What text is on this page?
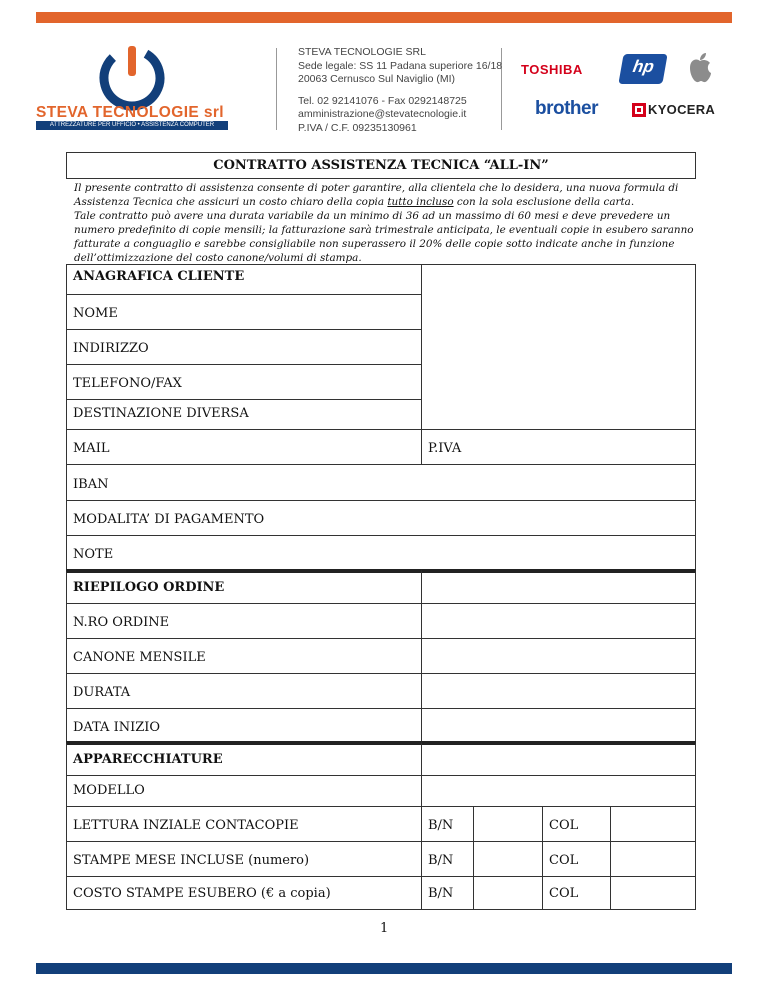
STEVA TECNOLOGIE srl
ATTREZZATURE PER UFFICIO • ASSISTENZA COMPUTER
STEVA TECNOLOGIE SRL
Sede legale: SS 11 Padana superiore 16/18
20063 Cernusco Sul Naviglio (MI)
Tel. 02 92141076 - Fax 0292148725
amministrazione@stevatecnologie.it
P.IVA / C.F. 09235130961
TOSHIBA	hp
brother	KYOCERA
CONTRATTO ASSISTENZA TECNICA “ALL-IN”

Il presente contratto di assistenza consente di poter garantire, alla clientela che lo desidera, una nuova formula di Assistenza Tecnica che assicuri un costo chiaro della copia tutto incluso con la sola esclusione della carta.

Tale contratto può avere una durata variabile da un minimo di 36 ad un massimo di 60 mesi e deve prevedere un numero predefinito di copie mensili; la fatturazione sarà trimestrale anticipata, le eventuali copie in esubero saranno fatturate a conguaglio e sarebbe consigliabile non superassero il 20% delle copie sotto indicate anche in funzione dell’ottimizzazione del costo canone/volumi di stampa.

ANAGRAFICA CLIENTE
NOME
INDIRIZZO
TELEFONO/FAX
DESTINAZIONE DIVERSA
MAIL	P.IVA
IBAN
MODALITA’ DI PAGAMENTO
NOTE
RIEPILOGO ORDINE
N.RO ORDINE
CANONE MENSILE
DURATA
DATA INIZIO
APPARECCHIATURE
MODELLO
LETTURA INZIALE CONTACOPIE	B/N	COL
STAMPE MESE INCLUSE (numero)	B/N	COL
COSTO STAMPE ESUBERO (€ a copia)	B/N	COL
1
